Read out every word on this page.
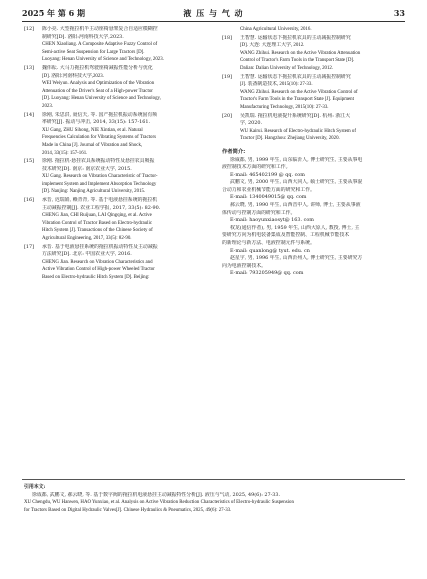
2025 年 第 6 期	液 压 与 气 动	33
[12] 陈小亮. 大型拖拉机半主动座椅悬架复合自适应模糊控
制研究[D]. 洛阳:河南科技大学,2023.
CHEN Xiaoliang. A Composite Adaptive Fuzzy Control of
Semi-active Seat Suspension for Large Tractors [D].
Luoyang: Henan University of Science and Technology, 2023.
[13] 魏伟耘. 大马力拖拉机驾驶座椅减振性能分析与优化
[D]. 洛阳:河南科技大学,2023.
WEI Weiyun. Analysis and Optimization of the Vibration
Attenuation of the Driver's Seat of a High-power Tractor
[D]. Luoyang: Henan University of Science and Technology,
2023.
[14] 徐刚, 朱思洪, 聂信天, 等. 国产拖拉机振动系统固有频
率研究[J]. 振动与冲击, 2014, 33(15): 157-161.
XU Gang, ZHU Sihong, NIE Xintian, et al. Natural
Frequencies Calculation for Vibrating Systems of Tractors
Made in China [J]. Journal of Vibration and Shock,
2014, 33(15): 157-161.
[15] 徐刚. 拖拉机-悬挂农具系统振动特性及悬挂农具吸振
技术研究[D]. 南京: 南京农业大学, 2015.
XU Gang. Research on Vibration Characteristic of Tractor-
implement System and Implement Absorption Technology
[D]. Nanjing: Nanjing Agricultural University, 2015.
[16] 承晋, 迟瑞娟, 赖青青, 等. 基于电液悬挂系统的拖拉机
主动减振控制[J]. 农业工程学报, 2017, 33(5): 82-90.
CHENG Jian, CHI Ruijuan, LAI Qingqing, et al. Active
Vibration Control of Tractor Based on Electro-hydraulic
Hitch System [J]. Transactions of the Chinese Society of
Agricultural Engineering, 2017, 33(5): 82-90.
[17] 承晋. 基于电液悬挂系统的拖拉机振动特性及主动减振
方法研究[D]. 北京: 中国农业大学, 2016.
CHENG Jian. Research on Vibration Characteristics and
Active Vibration Control of High-power Wheeled Tractor
Based on Electro-hydraulic Hitch System [D]. Beijing:
China Agricultural University, 2016.
[18] 王智慧. 运输状态下拖拉机农具的主动减振控制研究
[D]. 大连: 大连理工大学, 2012.
WANG Zhihui. Research on the Active Vibration Attenuation
Control of Tractor's Farm Tools in the Transport State [D].
Dalian: Dalian University of Technology, 2012.
[19] 王智慧. 运输状态下拖拉机农具的主动减振控制研究
[J]. 装备制造技术, 2015(10): 27-33.
WANG Zhihui. Research on the Active Vibration Control of
Tractor's Farm Tools in the Transport State [J]. Equipment
Manufacturing Technology, 2015(10): 27-33.
[20] 吴凯瑞. 拖拉机电液提升系统研究[D]. 杭州: 浙江大
学, 2020.
WU Kairui. Research of Electro-hydraulic Hitch System of
Tractor [D]. Hangzhou: Zhejiang University, 2020.
作者简介:
徐威都, 男, 1999 年生, 山东临沂人, 博士研究生, 主要从事电
液控制技术方面的研究和工作。
E-mail: 465402199 @ qq. com
武鹏文, 男, 2000 年生, 山西大同人, 硕士研究生, 主要从事混
合动力和农业机械节能方面的研究和工作。
E-mail: 1340049015@ qq. com
郝云晓, 男, 1990 年生, 山西晋中人, 讲师, 博士, 主要从事液
体传动与控制方面的研究和工作。
E-mail: haoyunxiaosyt@ 163. com
权龙(通信作者), 男, 1959 年生, 山西大原人, 教授, 博士, 主
要研究方向为机电装备集成及智能控制、工程机械节能技术
的新理论与新方法、电液控制元件与系统。
E-mail: quanlong@ tyut. edu. cn
赵星宇, 男, 1996 年生, 山西沂州人, 博士研究生, 主要研究方
向为电液控制技术。
E-mail: 793205949@ qq. com
引用本文:
徐成都, 武鹏文, 郝云晓, 等. 基于数字阀的拖拉机电液悬挂主动减振特性分析[J]. 液压与气动, 2025, 49(6): 27-33.
XU Chengdu, WU Hanwen, HAO Yunxiao, et al. Analysis on Active Vibration Reduction Characteristics of Electro-hydraulic Suspension
for Tractors Based on Digital Hydraulic Valves[J]. Chinese Hydraulics & Pneumatics, 2025, 49(6): 27-33.
